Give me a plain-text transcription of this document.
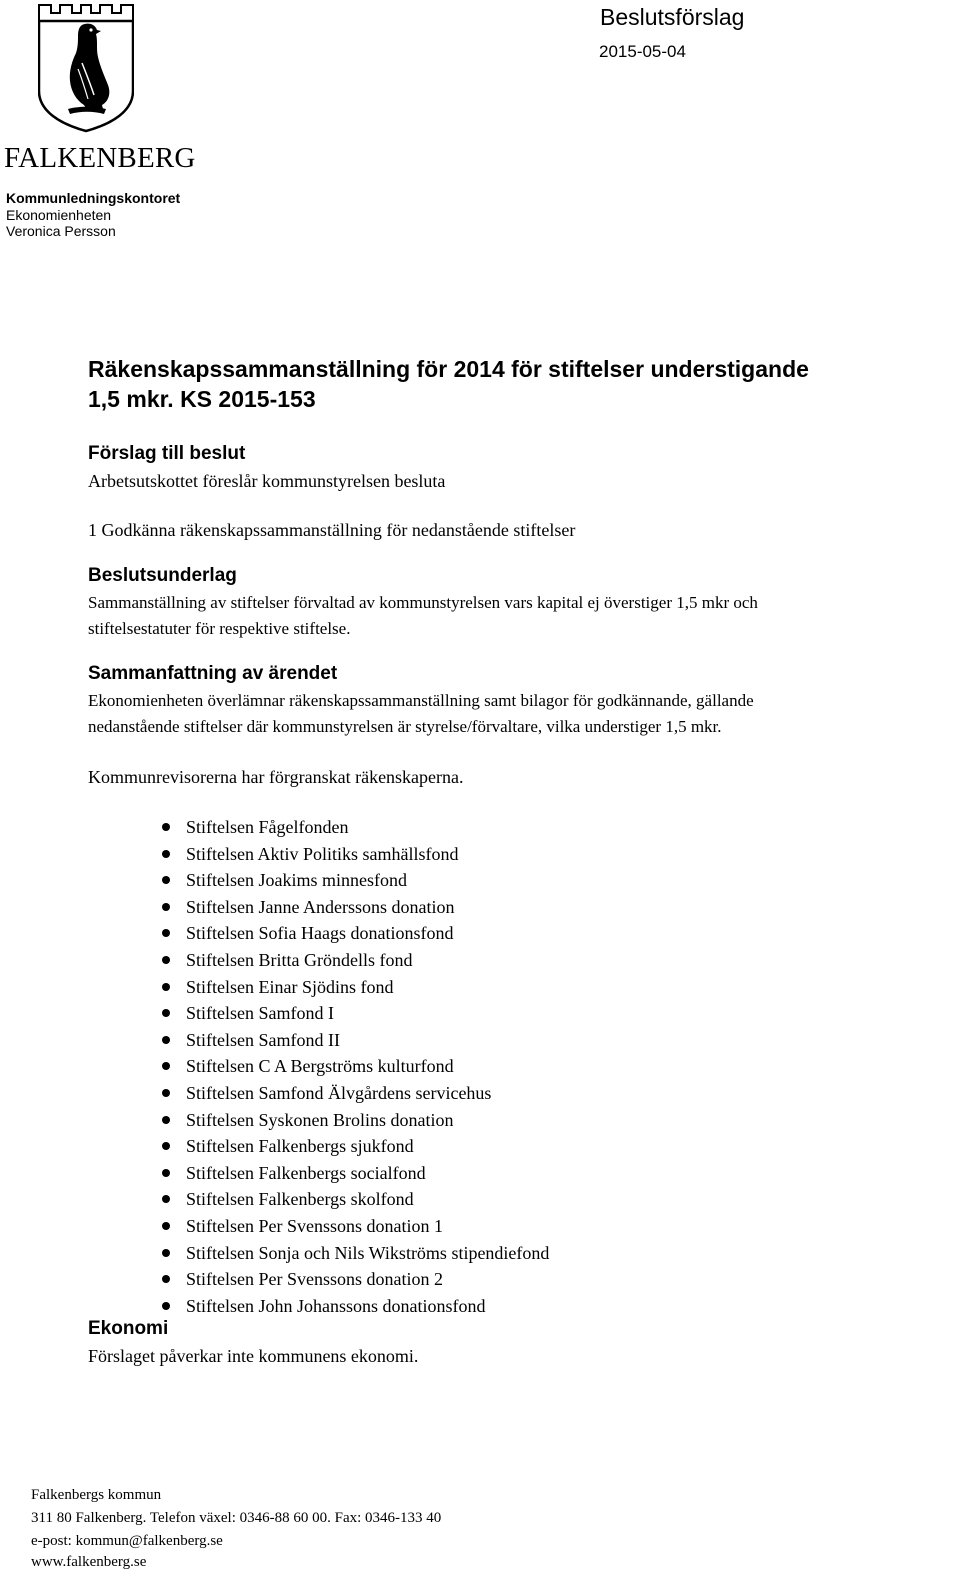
FALKENBERG

Beslutsförslag

2015-05-04

Kommunledningskontoret

Ekonomienheten

Veronica Persson

Räkenskapssammanställning för 2014 för stiftelser understigande

1,5 mkr. KS 2015-153

Förslag till beslut

Arbetsutskottet föreslår kommunstyrelsen besluta

1 Godkänna räkenskapssammanställning för nedanstående stiftelser

Beslutsunderlag

Sammanställning av stiftelser förvaltad av kommunstyrelsen vars kapital ej överstiger 1,5 mkr och

stiftelsestatuter för respektive stiftelse.

Sammanfattning av ärendet

Ekonomienheten överlämnar räkenskapssammanställning samt bilagor för godkännande, gällande

nedanstående stiftelser där kommunstyrelsen är styrelse/förvaltare, vilka understiger 1,5 mkr.

Kommunrevisorerna har förgranskat räkenskaperna.

Stiftelsen Fågelfonden
Stiftelsen Aktiv Politiks samhällsfond
Stiftelsen Joakims minnesfond
Stiftelsen Janne Anderssons donation
Stiftelsen Sofia Haags donationsfond
Stiftelsen Britta Gröndells fond
Stiftelsen Einar Sjödins fond
Stiftelsen Samfond I
Stiftelsen Samfond II
Stiftelsen C A Bergströms kulturfond
Stiftelsen Samfond Älvgårdens servicehus
Stiftelsen Syskonen Brolins donation
Stiftelsen Falkenbergs sjukfond
Stiftelsen Falkenbergs socialfond
Stiftelsen Falkenbergs skolfond
Stiftelsen Per Svenssons donation 1
Stiftelsen Sonja och Nils Wikströms stipendiefond
Stiftelsen Per Svenssons donation 2
Stiftelsen John Johanssons donationsfond

Ekonomi

Förslaget påverkar inte kommunens ekonomi.

Falkenbergs kommun

311 80 Falkenberg. Telefon växel: 0346-88 60 00. Fax: 0346-133 40

e-post: kommun@falkenberg.se

www.falkenberg.se
